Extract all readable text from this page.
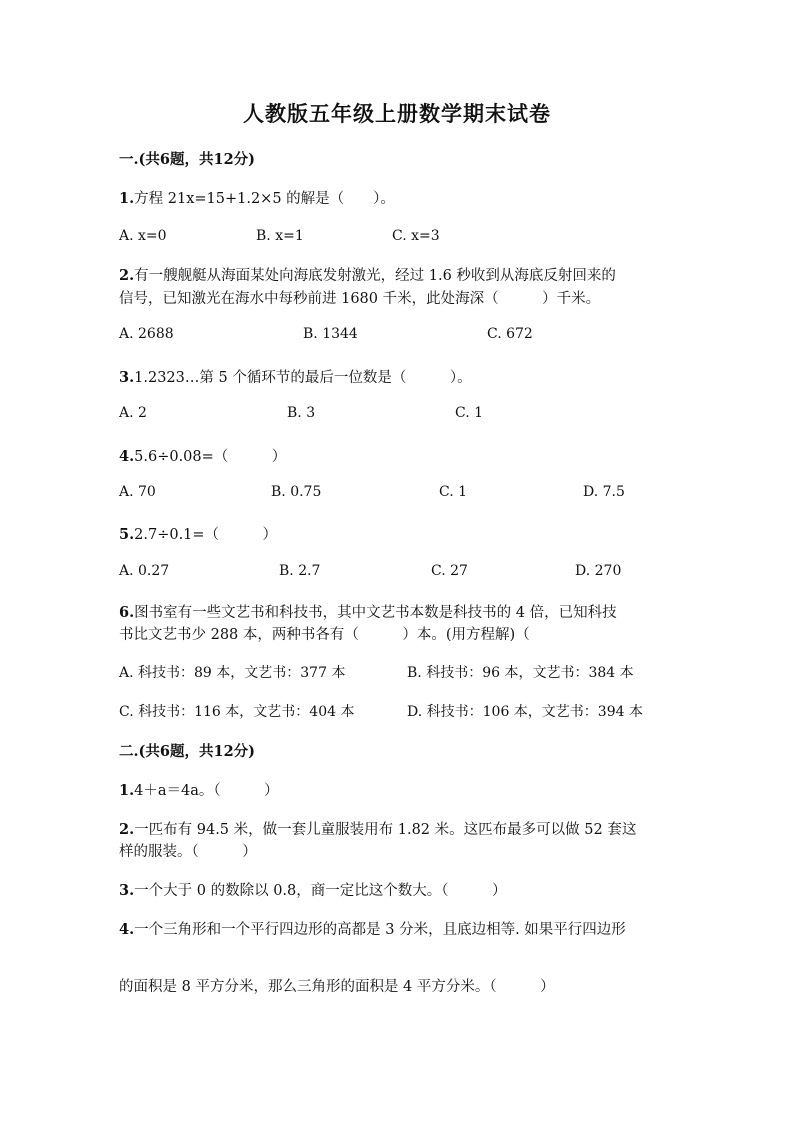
人教版五年级上册数学期末试卷
一.(共6题，共12分)
1.方程 21x=15+1.2×5 的解是（　　）。
A. x=0	B. x=1	C. x=3
2.有一艘舰艇从海面某处向海底发射激光，经过 1.6 秒收到从海底反射回来的
信号，已知激光在海水中每秒前进 1680 千米，此处海深（　　　）千米。
A. 2688	B. 1344	C. 672
3.1.2323…第 5 个循环节的最后一位数是（　　　）。
A. 2	B. 3	C. 1
4.5.6÷0.08=（　　　）
A. 70	B. 0.75	C. 1	D. 7.5
5.2.7÷0.1=（　　　）
A. 0.27	B. 2.7	C. 27	D. 270
6.图书室有一些文艺书和科技书，其中文艺书本数是科技书的 4 倍，已知科技
书比文艺书少 288 本，两种书各有（　　　）本。(用方程解)（
A. 科技书：89 本，文艺书：377 本	B. 科技书：96 本，文艺书：384 本
C. 科技书：116 本，文艺书：404 本	D. 科技书：106 本，文艺书：394 本
二.(共6题，共12分)
1.4＋a＝4a。（　　　）
2.一匹布有 94.5 米，做一套儿童服装用布 1.82 米。这匹布最多可以做 52 套这
样的服装。（　　　）
3.一个大于 0 的数除以 0.8，商一定比这个数大。（　　　）
4.一个三角形和一个平行四边形的高都是 3 分米，且底边相等. 如果平行四边形
的面积是 8 平方分米，那么三角形的面积是 4 平方分米。（　　　）
